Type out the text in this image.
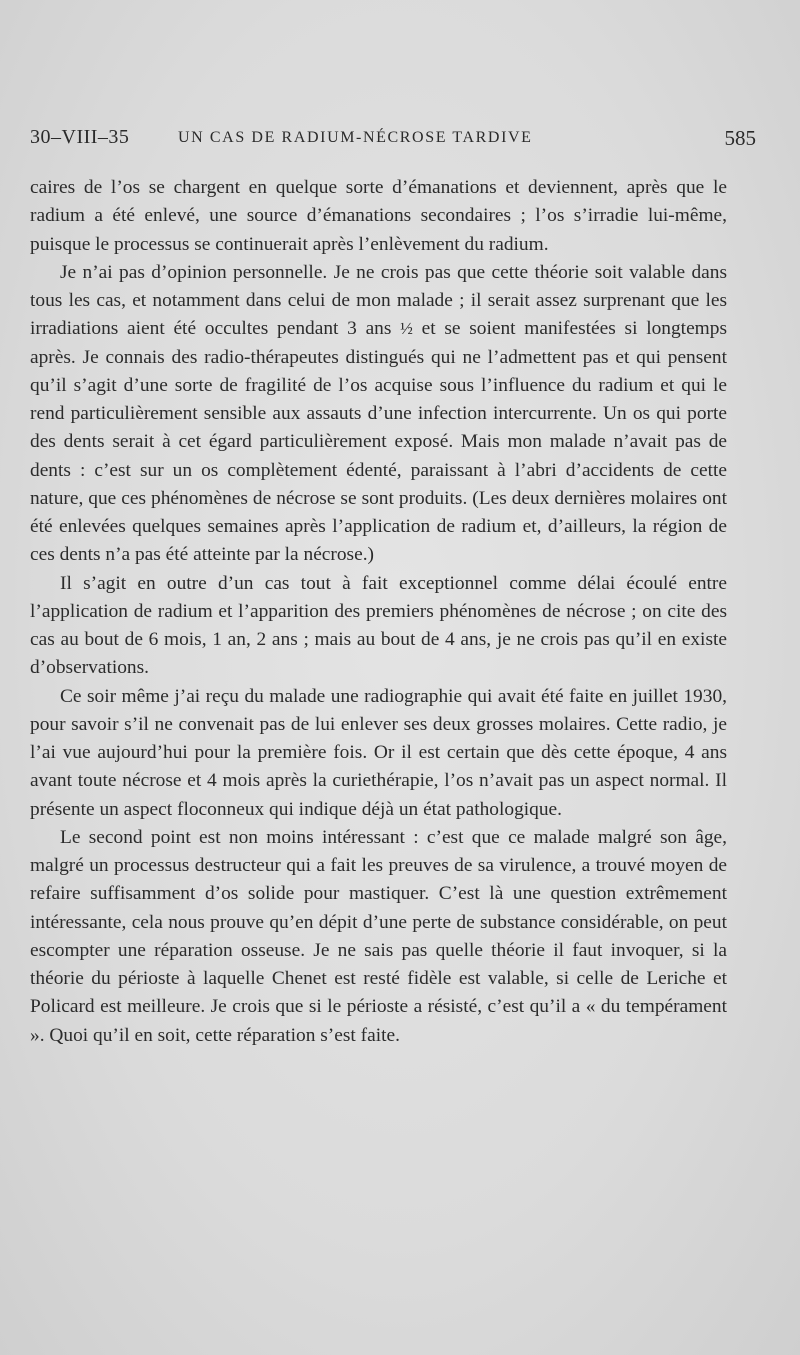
30–VIII–35	UN CAS DE RADIUM-NÉCROSE TARDIVE	585

caires de l’os se chargent en quelque sorte d’émanations et deviennent, après que le radium a été enlevé, une source d’émanations secondaires ; l’os s’irradie lui-même, puisque le processus se continuerait après l’enlèvement du radium.

Je n’ai pas d’opinion personnelle. Je ne crois pas que cette théorie soit valable dans tous les cas, et notamment dans celui de mon malade ; il serait assez surprenant que les irradiations aient été occultes pendant 3 ans ½ et se soient manifestées si longtemps après. Je connais des radio-thérapeutes distingués qui ne l’admettent pas et qui pensent qu’il s’agit d’une sorte de fragilité de l’os acquise sous l’influence du radium et qui le rend particulièrement sensible aux assauts d’une infection intercurrente. Un os qui porte des dents serait à cet égard particulièrement exposé. Mais mon malade n’avait pas de dents : c’est sur un os complètement édenté, paraissant à l’abri d’accidents de cette nature, que ces phénomènes de nécrose se sont produits. (Les deux dernières molaires ont été enlevées quelques semaines après l’application de radium et, d’ailleurs, la région de ces dents n’a pas été atteinte par la nécrose.)

Il s’agit en outre d’un cas tout à fait exceptionnel comme délai écoulé entre l’application de radium et l’apparition des premiers phénomènes de nécrose ; on cite des cas au bout de 6 mois, 1 an, 2 ans ; mais au bout de 4 ans, je ne crois pas qu’il en existe d’observations.

Ce soir même j’ai reçu du malade une radiographie qui avait été faite en juillet 1930, pour savoir s’il ne convenait pas de lui enlever ses deux grosses molaires. Cette radio, je l’ai vue aujourd’hui pour la première fois. Or il est certain que dès cette époque, 4 ans avant toute nécrose et 4 mois après la curiethérapie, l’os n’avait pas un aspect normal. Il présente un aspect floconneux qui indique déjà un état pathologique.

Le second point est non moins intéressant : c’est que ce malade malgré son âge, malgré un processus destructeur qui a fait les preuves de sa virulence, a trouvé moyen de refaire suffisamment d’os solide pour mastiquer. C’est là une question extrêmement intéressante, cela nous prouve qu’en dépit d’une perte de substance considérable, on peut escompter une réparation osseuse. Je ne sais pas quelle théorie il faut invoquer, si la théorie du périoste à laquelle Chenet est resté fidèle est valable, si celle de Leriche et Policard est meilleure. Je crois que si le périoste a résisté, c’est qu’il a « du tempérament ». Quoi qu’il en soit, cette réparation s’est faite.
